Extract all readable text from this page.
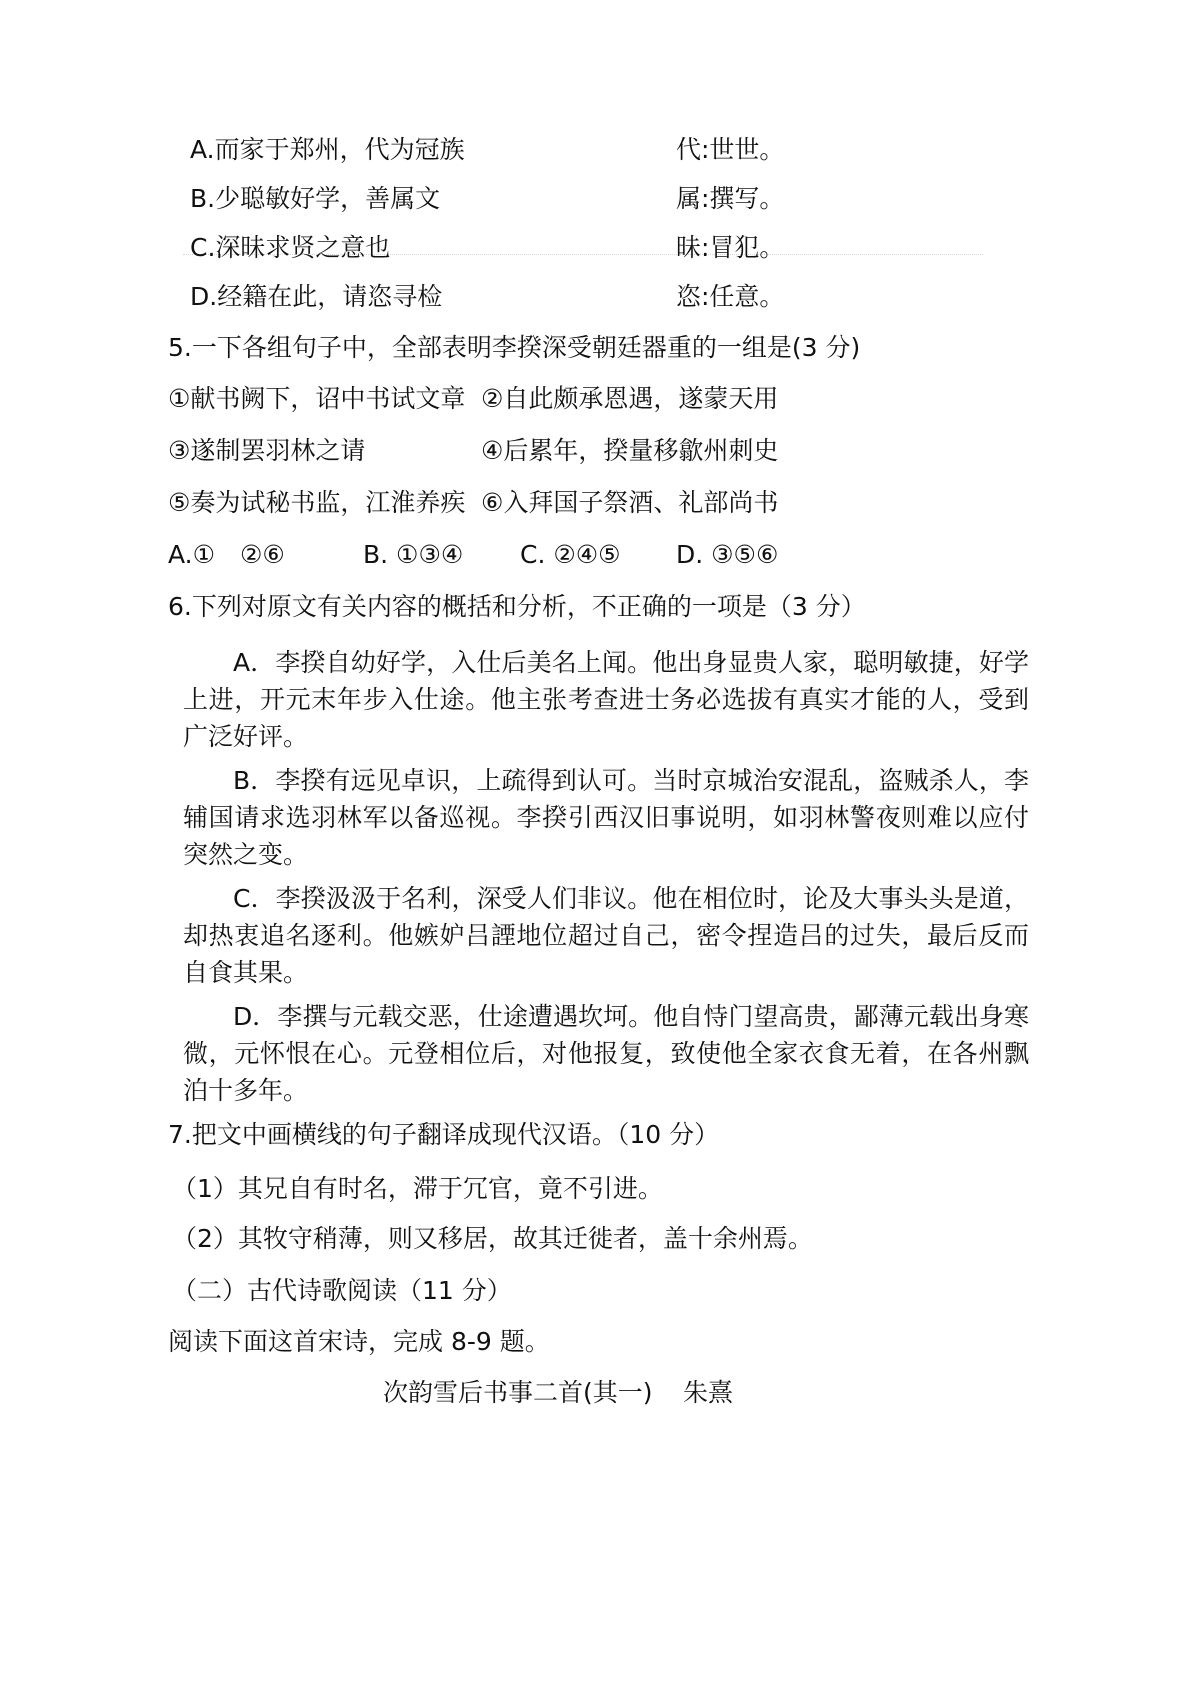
A.而家于郑州，代为冠族	代:世世。
B.少聪敏好学，善属文	属:撰写。
C.深昧求贤之意也	昧:冒犯。
D.经籍在此，请恣寻检	恣:任意。
5.一下各组句子中，全部表明李揆深受朝廷器重的一组是(3 分)
①献书阙下，诏中书试文章 ②自此颇承恩遇，遂蒙天用
③遂制罢羽林之请	④后累年，揆量移歙州刺史
⑤奏为试秘书监，江淮养疾 ⑥入拜国子祭酒、礼部尚书
A.①　②⑥	B. ①③④ C. ②④⑤ D. ③⑤⑥
6.下列对原文有关内容的概括和分析，不正确的一项是（3 分）
A．李揆自幼好学，入仕后美名上闻。他出身显贵人家，聪明敏捷，好学上进，开元末年步入仕途。他主张考查进士务必选拔有真实才能的人，受到广泛好评。
B．李揆有远见卓识，上疏得到认可。当时京城治安混乱，盗贼杀人，李辅国请求选羽林军以备巡视。李揆引西汉旧事说明，如羽林警夜则难以应付突然之变。
C．李揆汲汲于名利，深受人们非议。他在相位时，论及大事头头是道，却热衷追名逐利。他嫉妒吕諲地位超过自己，密令捏造吕的过失，最后反而自食其果。
D．李撰与元载交恶，仕途遭遇坎坷。他自恃门望高贵，鄙薄元载出身寒微，元怀恨在心。元登相位后，对他报复，致使他全家衣食无着，在各州飘泊十多年。
7.把文中画横线的句子翻译成现代汉语。（10 分）
（1）其兄自有时名，滞于冗官，竟不引进。
（2）其牧守稍薄，则又移居，故其迁徙者，盖十余州焉。
（二）古代诗歌阅读（11 分）
阅读下面这首宋诗，完成 8-9 题。
次韵雪后书事二首(其一) 朱熹
